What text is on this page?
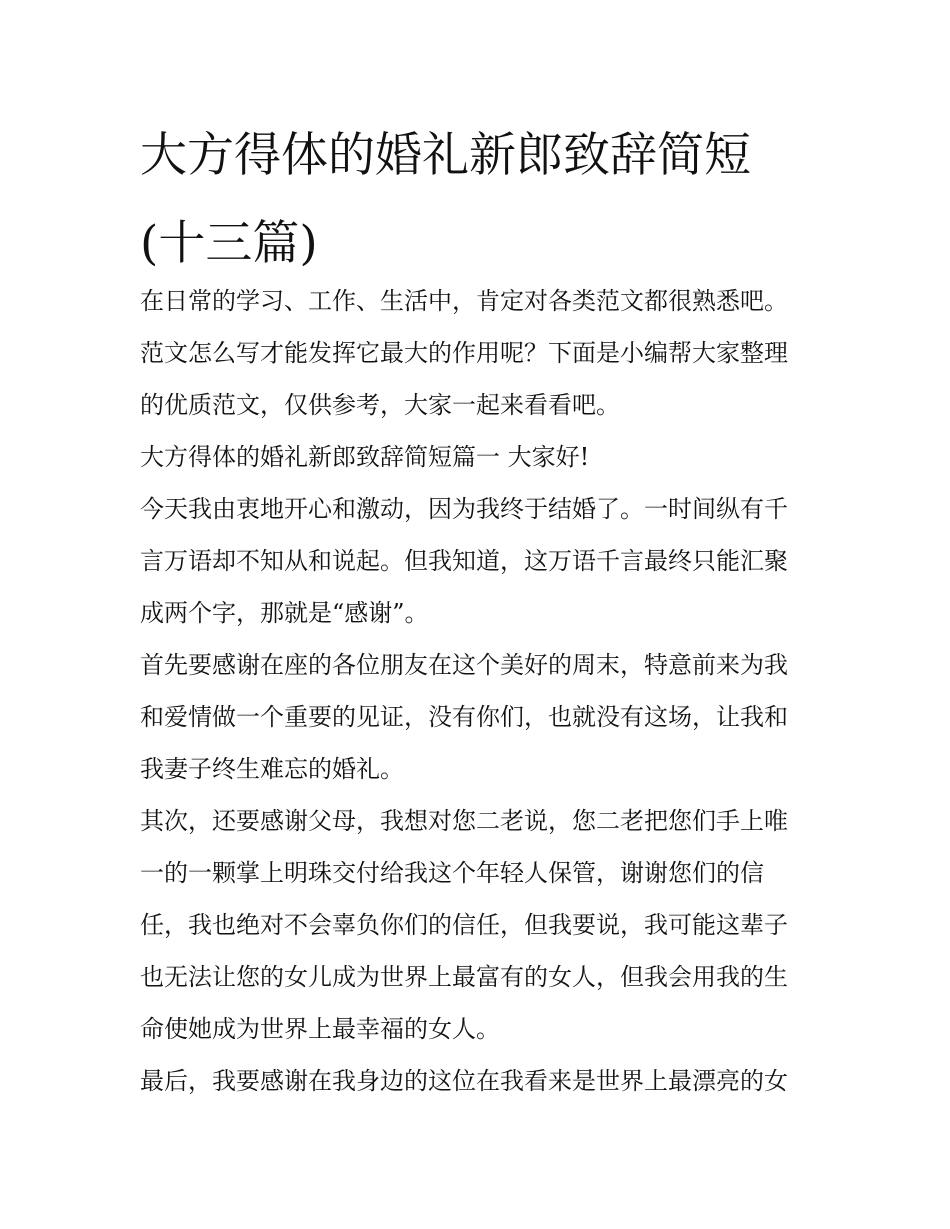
大方得体的婚礼新郎致辞简短
(十三篇)
在日常的学习、工作、生活中，肯定对各类范文都很熟悉吧。
范文怎么写才能发挥它最大的作用呢？下面是小编帮大家整理
的优质范文，仅供参考，大家一起来看看吧。
大方得体的婚礼新郎致辞简短篇一 大家好!
今天我由衷地开心和激动，因为我终于结婚了。一时间纵有千
言万语却不知从和说起。但我知道，这万语千言最终只能汇聚
成两个字，那就是“感谢”。
首先要感谢在座的各位朋友在这个美好的周末，特意前来为我
和爱情做一个重要的见证，没有你们，也就没有这场，让我和
我妻子终生难忘的婚礼。
其次，还要感谢父母，我想对您二老说，您二老把您们手上唯
一的一颗掌上明珠交付给我这个年轻人保管，谢谢您们的信
任，我也绝对不会辜负你们的信任，但我要说，我可能这辈子
也无法让您的女儿成为世界上最富有的女人，但我会用我的生
命使她成为世界上最幸福的女人。
最后，我要感谢在我身边的这位在我看来是世界上最漂亮的女
